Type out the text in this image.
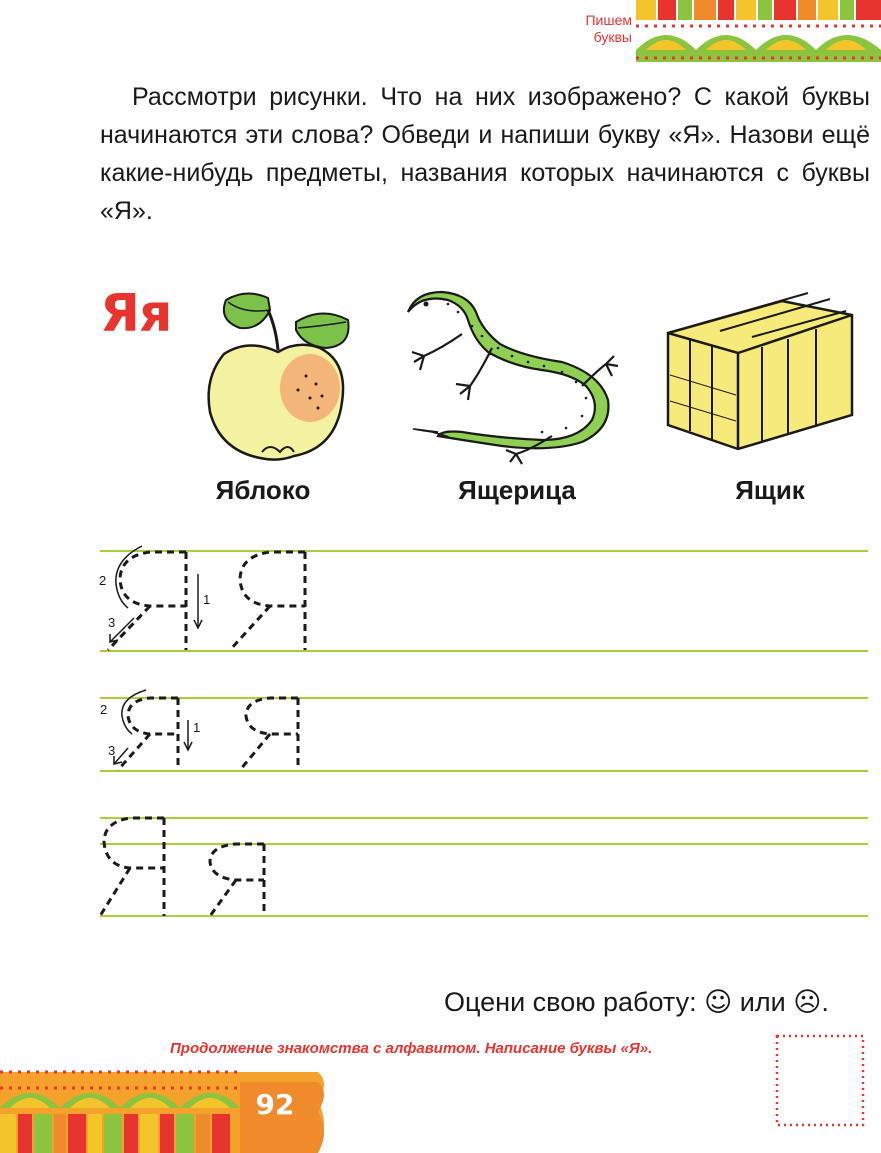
Пишем
буквы
Рассмотри рисунки. Что на них изображено? С какой буквы начинаются эти слова? Обведи и напиши букву «Я». Назови ещё какие-нибудь предметы, названия которых начинаются с буквы «Я».
Яя
Яблоко	Ящерица	Ящик
2
1
3
2
1
3
Оцени свою работу: ☺ или ☹.
Продолжение знакомства с алфавитом. Написание буквы «Я».
92
